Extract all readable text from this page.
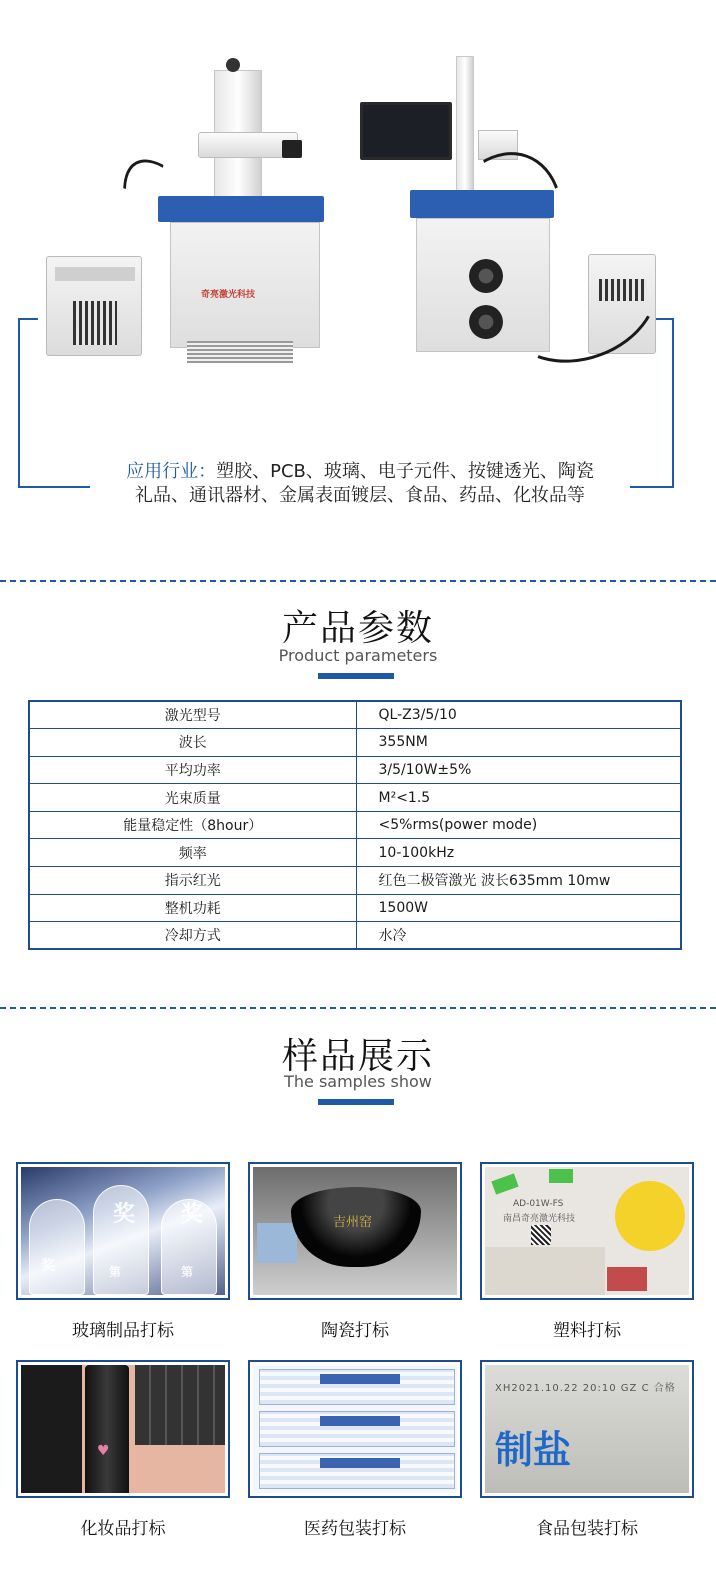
奇亮激光科技
应用行业：塑胶、PCB、玻璃、电子元件、按键透光、陶瓷
礼品、通讯器材、金属表面镀层、食品、药品、化妆品等
产品参数
Product parameters
激光型号	QL-Z3/5/10
波长	355NM
平均功率	3/5/10W±5%
光束质量	M²<1.5
能量稳定性（8hour）	<5%rms(power mode)
频率	10-100kHz
指示红光	红色二极管激光 波长635mm 10mw
整机功耗	1500W
冷却方式	水冷
样品展示
The samples show
奖 奖
奖	第	第
玻璃制品打标
吉州窑
陶瓷打标
AD-01W-FS
南昌奇亮激光科技
塑料打标
♥
化妆品打标	医药包装打标
XH2021.10.22 20:10 GZ C 合格
制盐
食品包装打标
